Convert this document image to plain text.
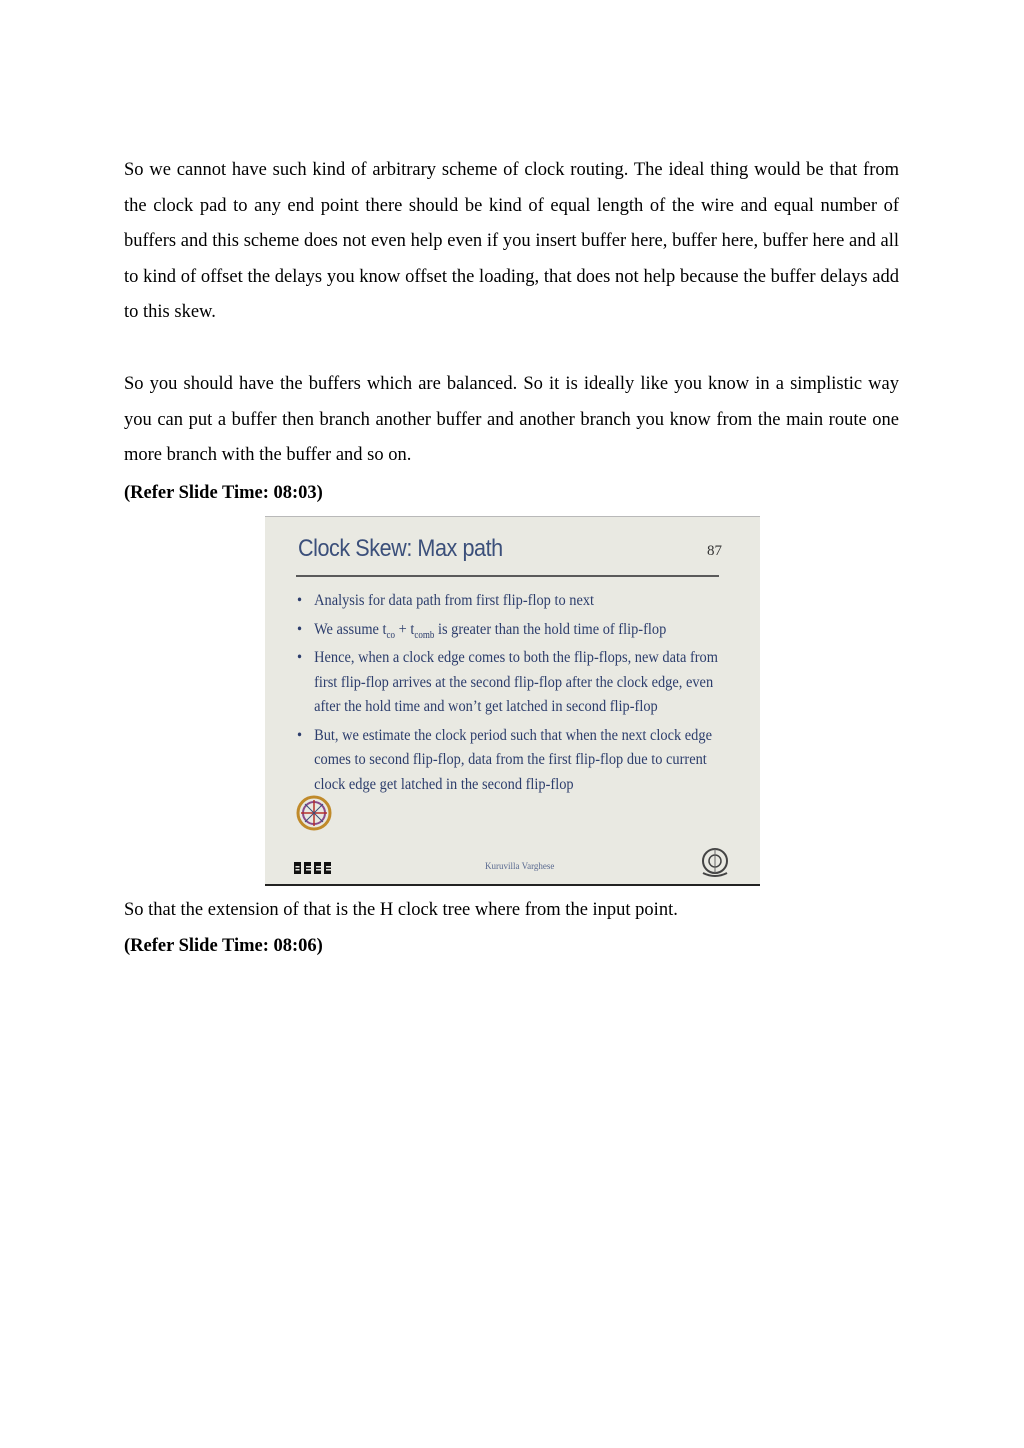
So we cannot have such kind of arbitrary scheme of clock routing. The ideal thing would be that from the clock pad to any end point there should be kind of equal length of the wire and equal number of buffers and this scheme does not even help even if you insert buffer here, buffer here, buffer here and all to kind of offset the delays you know offset the loading, that does not help because the buffer delays add to this skew.

So you should have the buffers which are balanced. So it is ideally like you know in a simplistic way you can put a buffer then branch another buffer and another branch you know from the main route one more branch with the buffer and so on.

(Refer Slide Time: 08:03)

Clock Skew: Max path	87
• Analysis for data path from first flip-flop to next
• We assume $t_{co} + t_{comb}$ is greater than the hold time of flip-flop
• Hence, when a clock edge comes to both the flip-flops, new data from first flip-flop arrives at the second flip-flop after the clock edge, even after the hold time and won’t get latched in second flip-flop
• But, we estimate the clock period such that when the next clock edge comes to second flip-flop, data from the first flip-flop due to current clock edge get latched in the second flip-flop
Kuruvilla Varghese

So that the extension of that is the H clock tree where from the input point.

(Refer Slide Time: 08:06)
